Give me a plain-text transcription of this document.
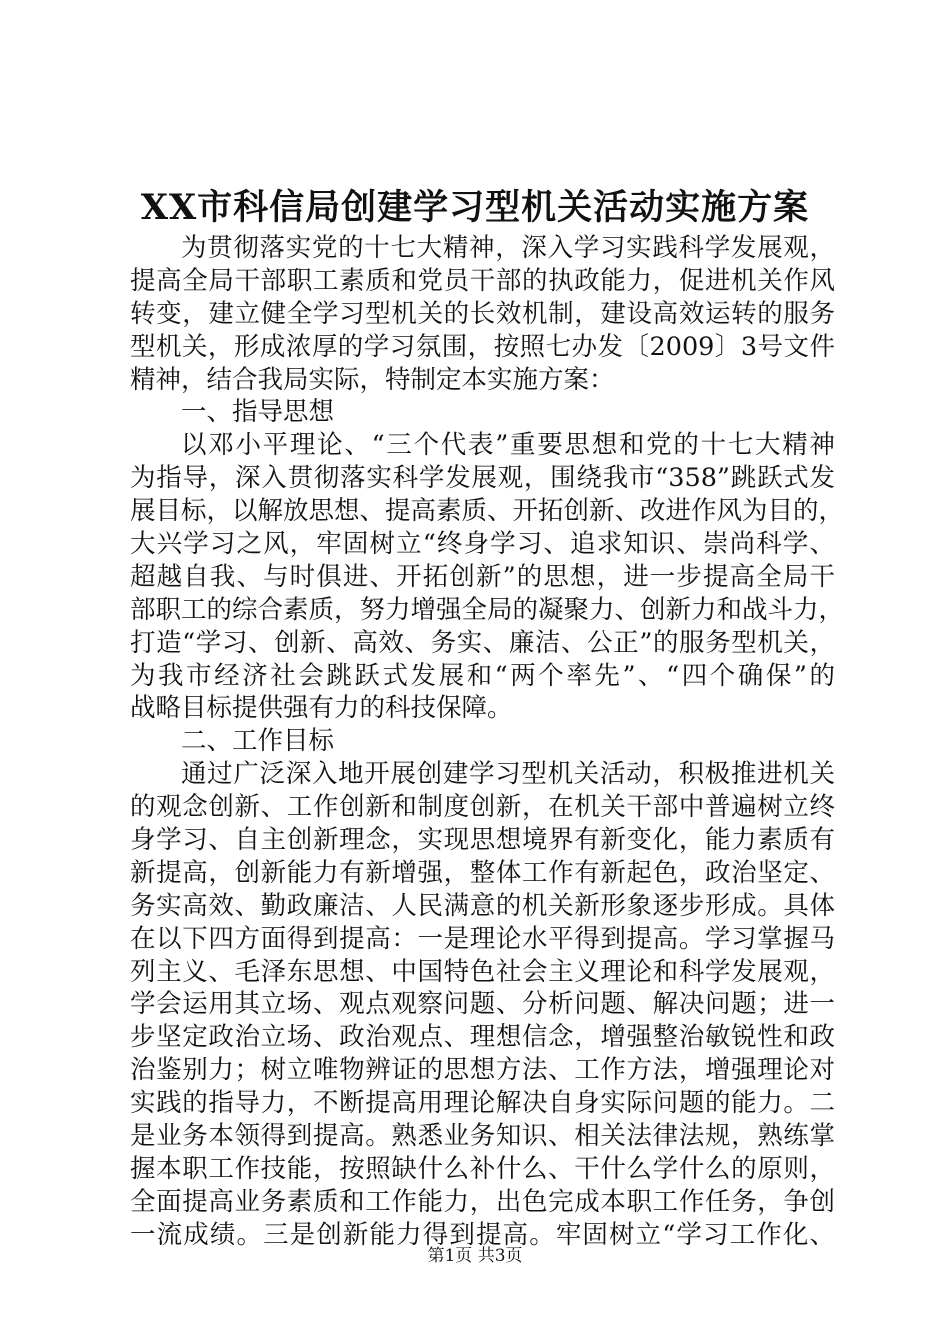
XX市科信局创建学习型机关活动实施方案
为贯彻落实党的十七大精神，深入学习实践科学发展观，
提高全局干部职工素质和党员干部的执政能力，促进机关作风
转变，建立健全学习型机关的长效机制，建设高效运转的服务
型机关，形成浓厚的学习氛围，按照七办发〔2009〕3号文件
精神，结合我局实际，特制定本实施方案：
一、指导思想
以邓小平理论、“三个代表”重要思想和党的十七大精神
为指导，深入贯彻落实科学发展观，围绕我市“358”跳跃式发
展目标，以解放思想、提高素质、开拓创新、改进作风为目的，
大兴学习之风，牢固树立“终身学习、追求知识、崇尚科学、
超越自我、与时俱进、开拓创新”的思想，进一步提高全局干
部职工的综合素质，努力增强全局的凝聚力、创新力和战斗力，
打造“学习、创新、高效、务实、廉洁、公正”的服务型机关，
为我市经济社会跳跃式发展和“两个率先”、“四个确保”的
战略目标提供强有力的科技保障。
二、工作目标
通过广泛深入地开展创建学习型机关活动，积极推进机关
的观念创新、工作创新和制度创新，在机关干部中普遍树立终
身学习、自主创新理念，实现思想境界有新变化，能力素质有
新提高，创新能力有新增强，整体工作有新起色，政治坚定、
务实高效、勤政廉洁、人民满意的机关新形象逐步形成。具体
在以下四方面得到提高：一是理论水平得到提高。学习掌握马
列主义、毛泽东思想、中国特色社会主义理论和科学发展观，
学会运用其立场、观点观察问题、分析问题、解决问题；进一
步坚定政治立场、政治观点、理想信念，增强整治敏锐性和政
治鉴别力；树立唯物辨证的思想方法、工作方法，增强理论对
实践的指导力，不断提高用理论解决自身实际问题的能力。二
是业务本领得到提高。熟悉业务知识、相关法律法规，熟练掌
握本职工作技能，按照缺什么补什么、干什么学什么的原则，
全面提高业务素质和工作能力，出色完成本职工作任务，争创
一流成绩。三是创新能力得到提高。牢固树立“学习工作化、
第1页 共3页
